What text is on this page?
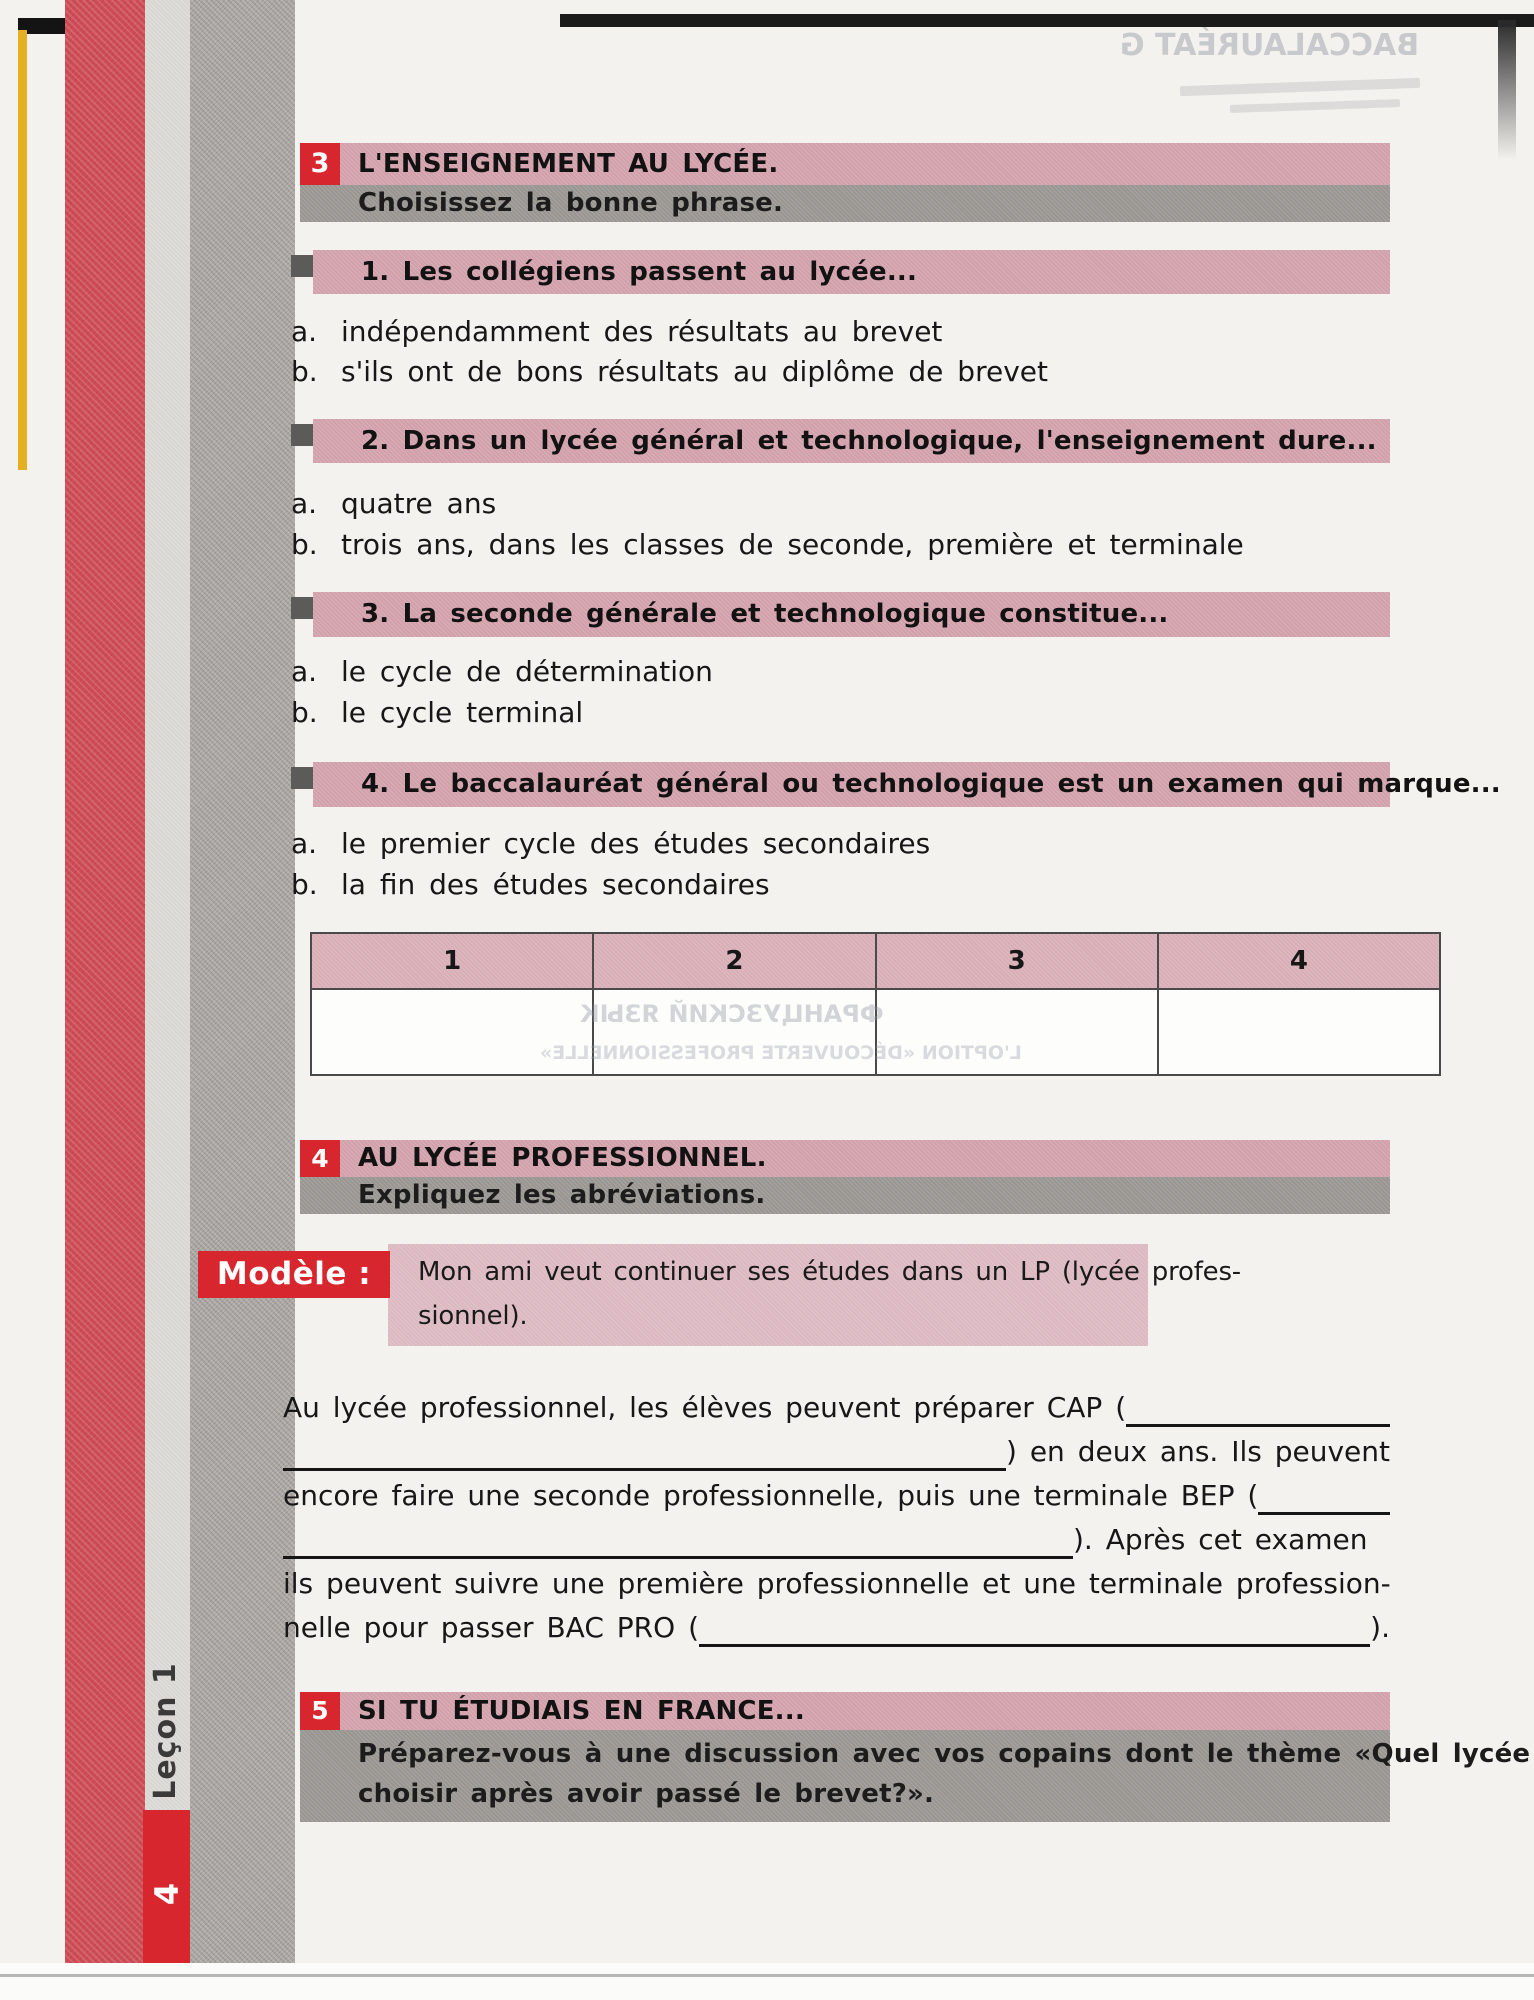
BACCALAURÉAT G
3	L'ENSEIGNEMENT AU LYCÉE.
Choisissez la bonne phrase.
1. Les collégiens passent au lycée...
a. indépendamment des résultats au brevet
b. s'ils ont de bons résultats au diplôme de brevet
2. Dans un lycée général et technologique, l'enseignement dure...
a. quatre ans
b. trois ans, dans les classes de seconde, première et terminale
3. La seconde générale et technologique constitue...
a. le cycle de détermination
b. le cycle terminal
4. Le baccalauréat général ou technologique est un examen qui marque...
a. le premier cycle des études secondaires
b. la fin des études secondaires
1	2	3	4
ФРАНЦУЗСКИЙ ЯЗЫК
L'OPTION «DÉCOUVERTE PROFESSIONNELLE»
4	AU LYCÉE PROFESSIONNEL.
Expliquez les abréviations.
Mon ami veut continuer ses études dans un LP (lycée profes-
sionnel).
Modèle :
Au lycée professionnel, les élèves peuvent préparer CAP (
) en deux ans. Ils peuvent
encore faire une seconde professionnelle, puis une terminale BEP (
). Après cet examen
ils peuvent suivre une première professionnelle et une terminale profession-
nelle pour passer BAC PRO (	).
5	SI TU ÉTUDIAIS EN FRANCE...
Préparez-vous à une discussion avec vos copains dont le thème «Quel lycée
choisir après avoir passé le brevet?».
Leçon 1
4
